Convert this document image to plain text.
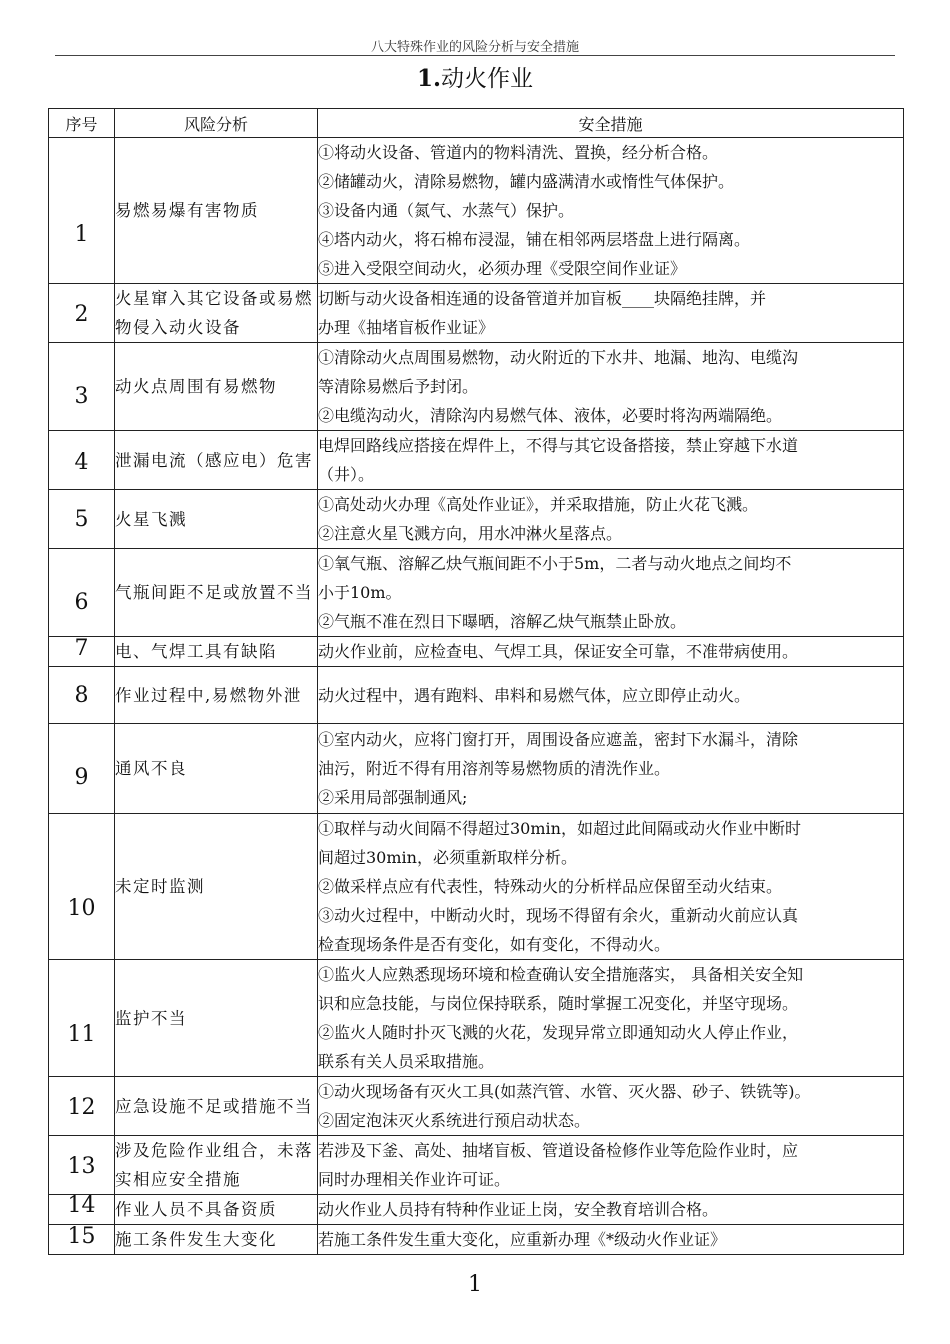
八大特殊作业的风险分析与安全措施
1.动火作业
序号	风险分析	安全措施

1	易燃易爆有害物质	①将动火设备、管道内的物料清洗、置换，经分析合格。
②储罐动火，清除易燃物，罐内盛满清水或惰性气体保护。
③设备内通（氮气、水蒸气）保护。
④塔内动火，将石棉布浸湿，铺在相邻两层塔盘上进行隔离。
⑤进入受限空间动火，必须办理《受限空间作业证》

2	火星窜入其它设备或易燃物侵入动火设备	切断与动火设备相连通的设备管道并加盲板____块隔绝挂牌，并
办理《抽堵盲板作业证》

3	动火点周围有易燃物	①清除动火点周围易燃物，动火附近的下水井、地漏、地沟、电缆沟
等清除易燃后予封闭。
②电缆沟动火，清除沟内易燃气体、液体，必要时将沟两端隔绝。

4	泄漏电流（感应电）危害	电焊回路线应搭接在焊件上，不得与其它设备搭接，禁止穿越下水道
（井）。

5	火星飞溅	①高处动火办理《高处作业证》，并采取措施，防止火花飞溅。
②注意火星飞溅方向，用水冲淋火星落点。

6	气瓶间距不足或放置不当	①氧气瓶、溶解乙炔气瓶间距不小于5m，二者与动火地点之间均不
小于10m。
②气瓶不准在烈日下曝晒，溶解乙炔气瓶禁止卧放。

7	电、气焊工具有缺陷	动火作业前，应检查电、气焊工具，保证安全可靠，不准带病使用。

8	作业过程中,易燃物外泄	动火过程中，遇有跑料、串料和易燃气体，应立即停止动火。

9	通风不良	①室内动火，应将门窗打开，周围设备应遮盖，密封下水漏斗，清除
油污，附近不得有用溶剂等易燃物质的清洗作业。
②采用局部强制通风;

10	未定时监测	①取样与动火间隔不得超过30min，如超过此间隔或动火作业中断时
间超过30min，必须重新取样分析。
②做采样点应有代表性，特殊动火的分析样品应保留至动火结束。
③动火过程中，中断动火时，现场不得留有余火，重新动火前应认真
检查现场条件是否有变化，如有变化，不得动火。

11	监护不当	①监火人应熟悉现场环境和检查确认安全措施落实， 具备相关安全知
识和应急技能，与岗位保持联系，随时掌握工况变化，并坚守现场。
②监火人随时扑灭飞溅的火花，发现异常立即通知动火人停止作业，
联系有关人员采取措施。

12	应急设施不足或措施不当	①动火现场备有灭火工具(如蒸汽管、水管、灭火器、砂子、铁铣等)。
②固定泡沫灭火系统进行预启动状态。

13	涉及危险作业组合，未落实相应安全措施	若涉及下釜、高处、抽堵盲板、管道设备检修作业等危险作业时，应
同时办理相关作业许可证。

14	作业人员不具备资质	动火作业人员持有特种作业证上岗，安全教育培训合格。

15	施工条件发生大变化	若施工条件发生重大变化，应重新办理《*级动火作业证》
1
